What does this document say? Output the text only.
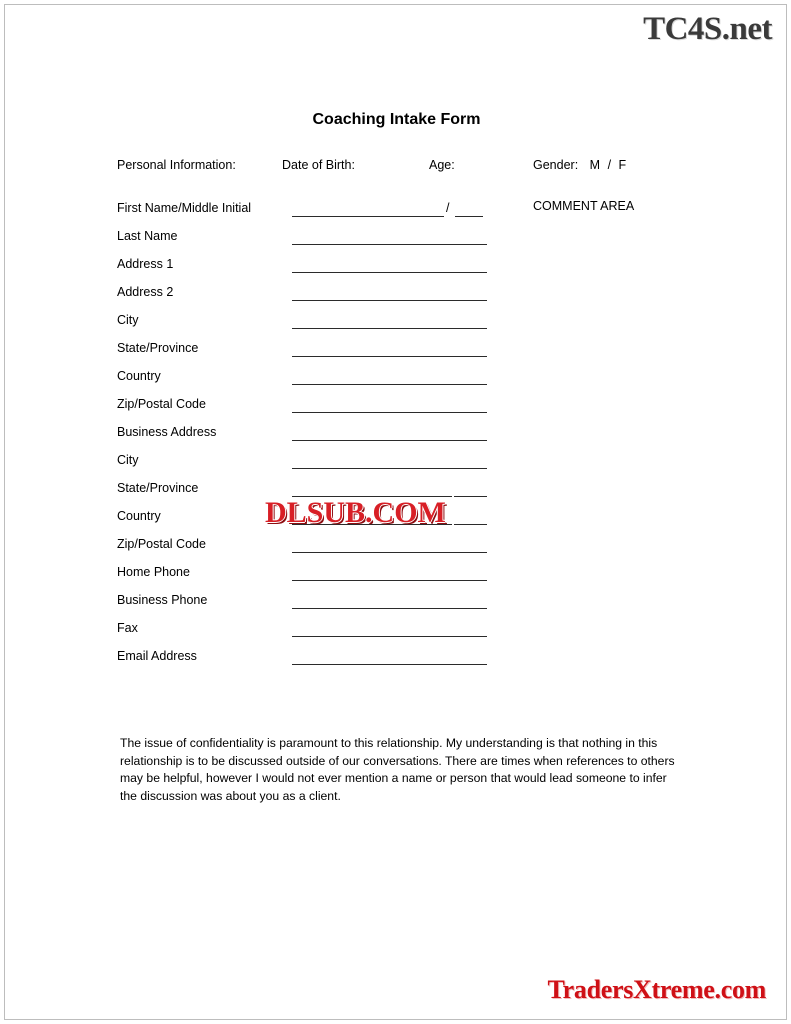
TC4S.net
Coaching Intake Form
Personal Information:	Date of Birth:	Age:	Gender: M / F
COMMENT AREA
First Name/Middle Initial	/
Last Name
Address 1
Address 2
City
State/Province
Country
Zip/Postal Code
Business Address
City
State/Province
Country
Zip/Postal Code
Home Phone
Business Phone
Fax
Email Address
DLSUB.COM
The issue of confidentiality is paramount to this relationship. My understanding is that nothing in this relationship is to be discussed outside of our conversations. There are times when references to others may be helpful, however I would not ever mention a name or person that would lead someone to infer the discussion was about you as a client.
TradersXtreme.com
